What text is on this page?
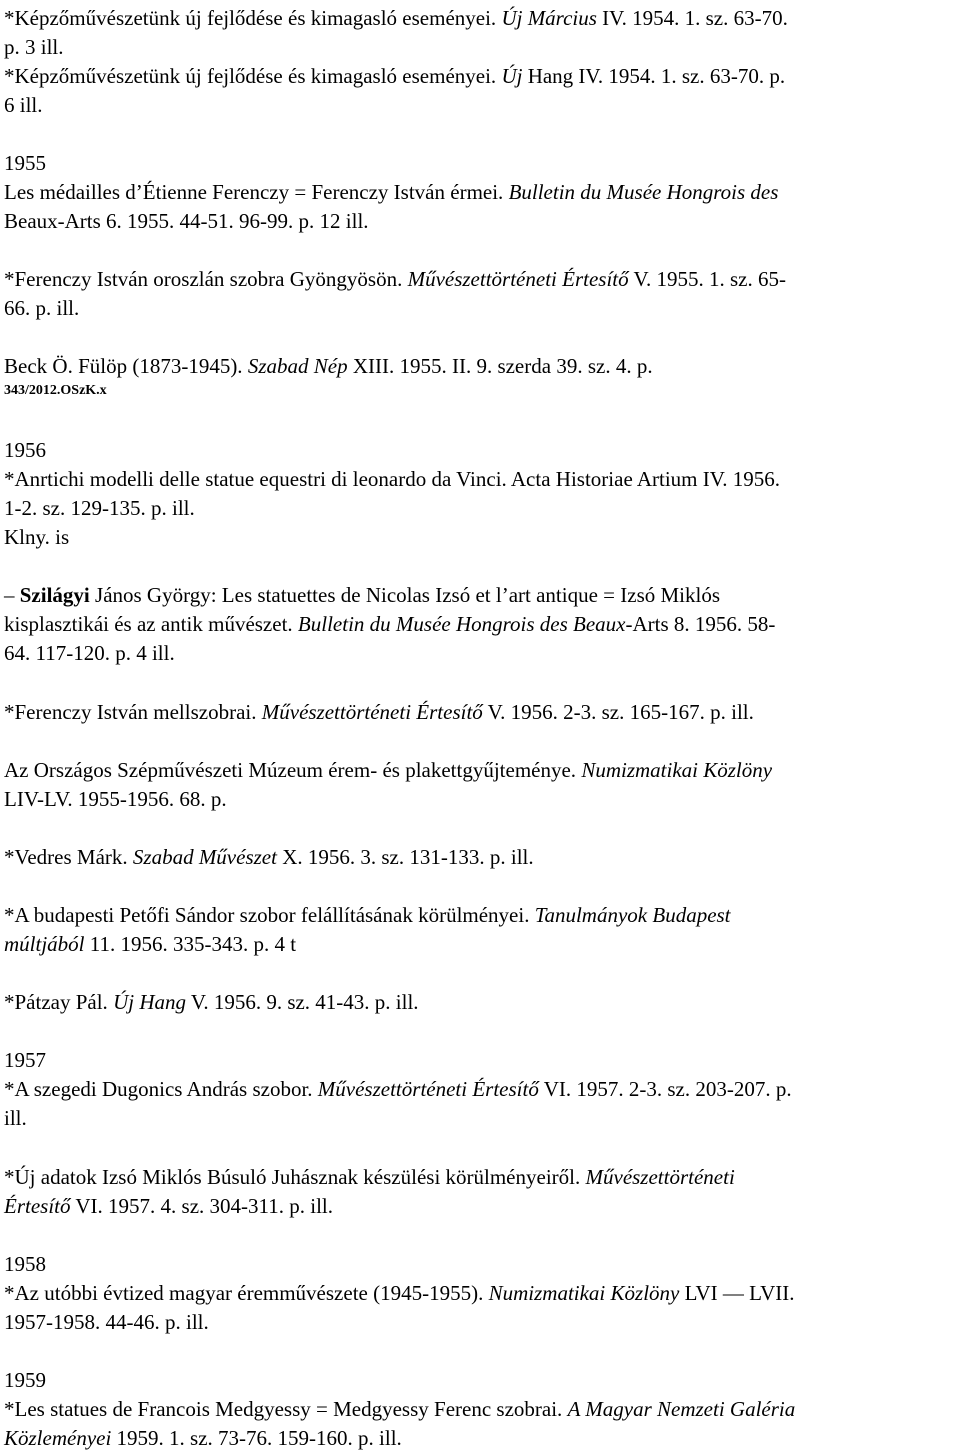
*Képzőművészetünk új fejlődése és kimagasló eseményei. Új Március IV. 1954. 1. sz. 63-70.
p. 3 ill.
*Képzőművészetünk új fejlődése és kimagasló eseményei. Új Hang IV. 1954. 1. sz. 63-70. p.
6 ill.
1955
Les médailles d’Étienne Ferenczy = Ferenczy István érmei. Bulletin du Musée Hongrois des
Beaux-Arts 6. 1955. 44-51. 96-99. p. 12 ill.
*Ferenczy István oroszlán szobra Gyöngyösön. Művészettörténeti Értesítő V. 1955. 1. sz. 65-
66. p. ill.
Beck Ö. Fülöp (1873-1945). Szabad Nép XIII. 1955. II. 9. szerda 39. sz. 4. p.
343/2012.OSzK.x
1956
*Anrtichi modelli delle statue equestri di leonardo da Vinci. Acta Historiae Artium IV. 1956.
1-2. sz. 129-135. p. ill.
Klny. is
– Szilágyi János György: Les statuettes de Nicolas Izsó et l’art antique = Izsó Miklós
kisplasztikái és az antik művészet. Bulletin du Musée Hongrois des Beaux-Arts 8. 1956. 58-
64. 117-120. p. 4 ill.
*Ferenczy István mellszobrai. Művészettörténeti Értesítő V. 1956. 2-3. sz. 165-167. p. ill.
Az Országos Szépművészeti Múzeum érem- és plakettgyűjteménye. Numizmatikai Közlöny
LIV-LV. 1955-1956. 68. p.
*Vedres Márk. Szabad Művészet X. 1956. 3. sz. 131-133. p. ill.
*A budapesti Petőfi Sándor szobor felállításának körülményei. Tanulmányok Budapest
múltjából 11. 1956. 335-343. p. 4 t
*Pátzay Pál. Új Hang V. 1956. 9. sz. 41-43. p. ill.
1957
*A szegedi Dugonics András szobor. Művészettörténeti Értesítő VI. 1957. 2-3. sz. 203-207. p.
ill.
*Új adatok Izsó Miklós Búsuló Juhásznak készülési körülményeiről. Művészettörténeti
Értesítő VI. 1957. 4. sz. 304-311. p. ill.
1958
*Az utóbbi évtized magyar éremművészete (1945-1955). Numizmatikai Közlöny LVI — LVII.
1957-1958. 44-46. p. ill.
1959
*Les statues de Francois Medgyessy = Medgyessy Ferenc szobrai. A Magyar Nemzeti Galéria
Közleményei 1959. 1. sz. 73-76. 159-160. p. ill.
